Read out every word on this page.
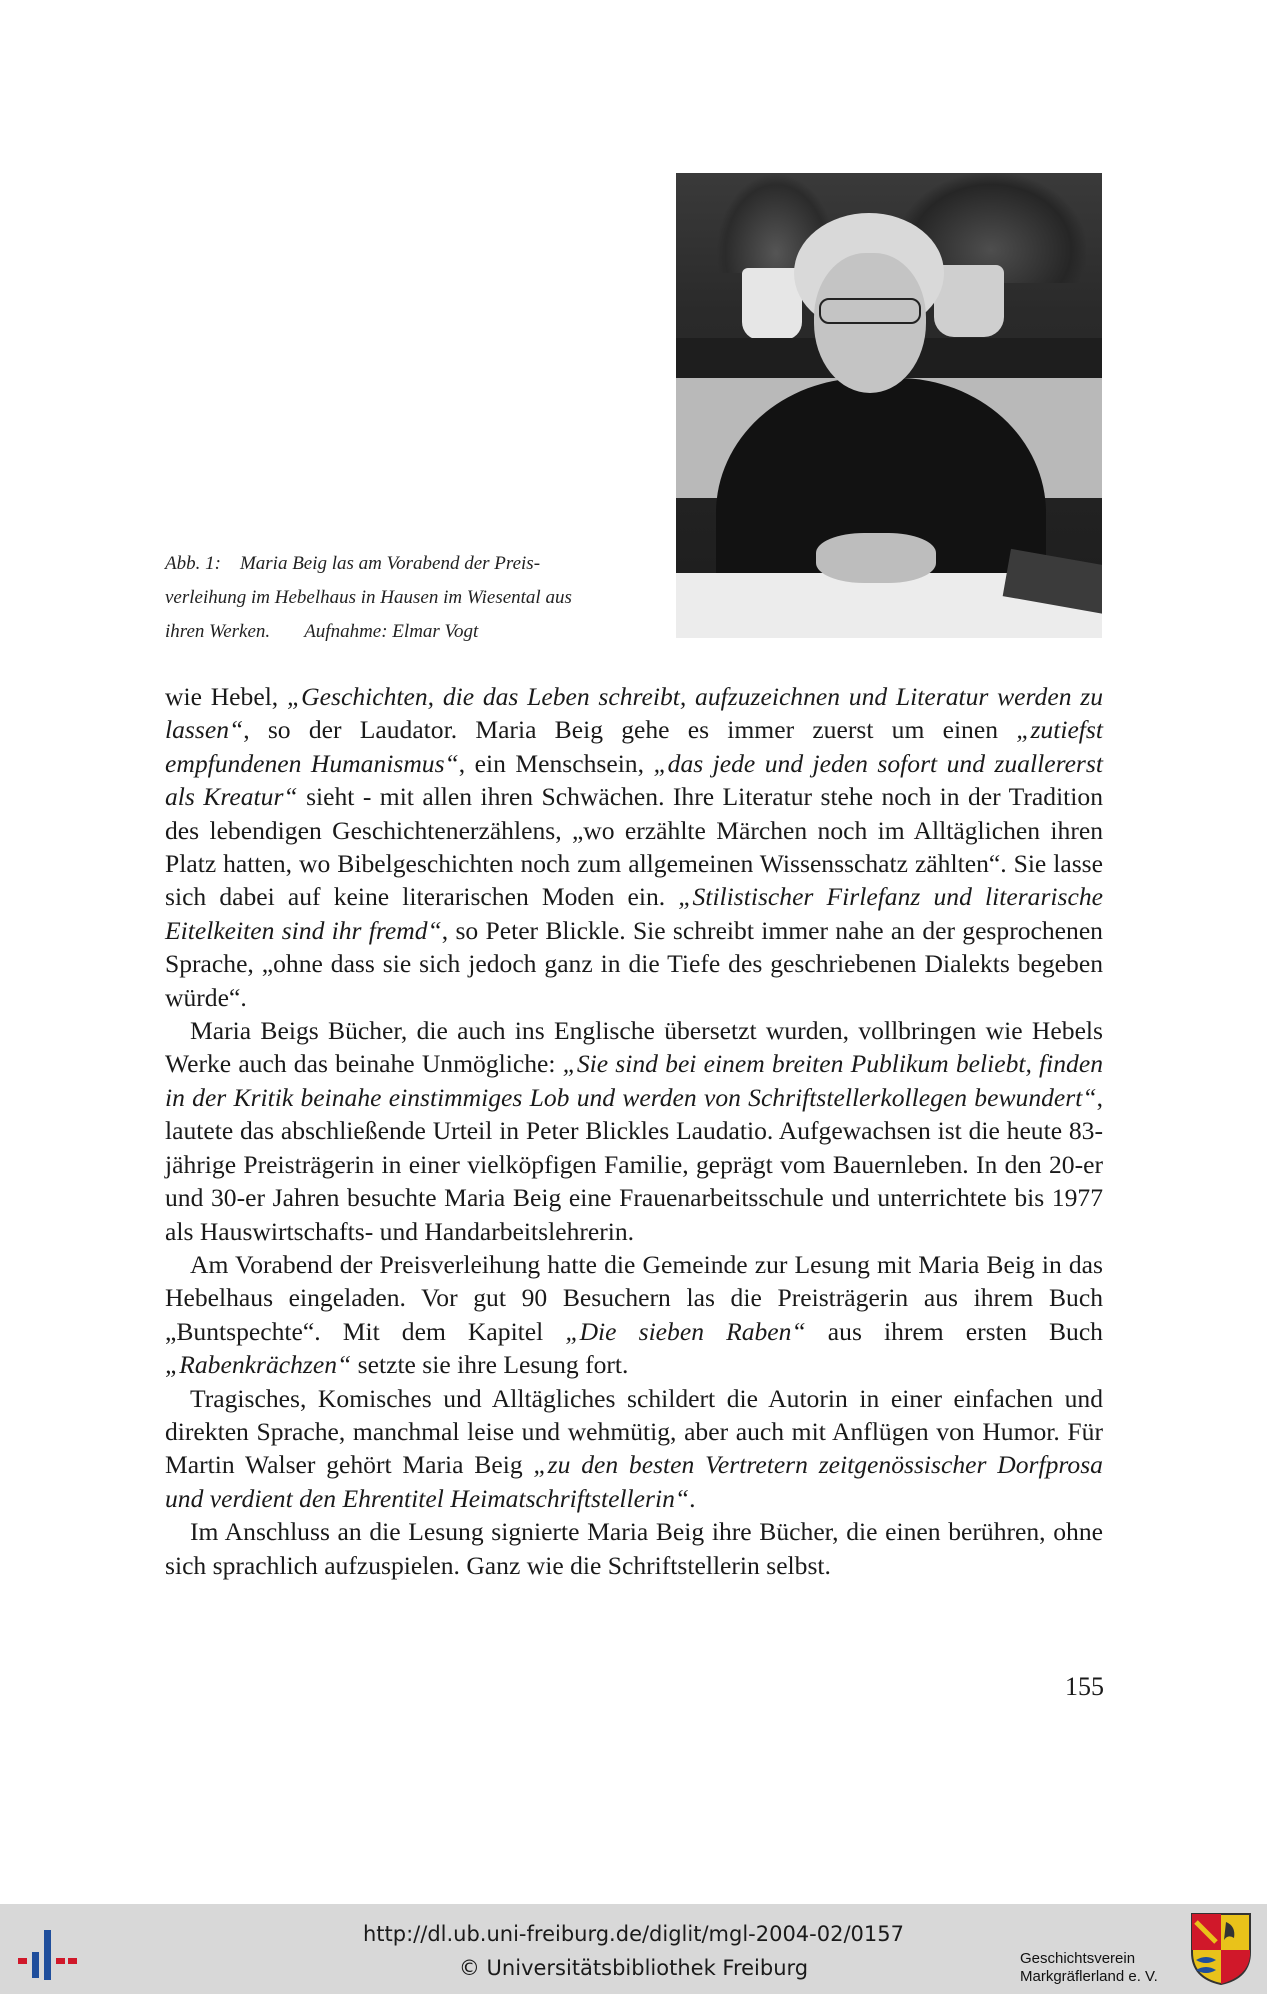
Abb. 1: Maria Beig las am Vorabend der Preis-
verleihung im Hebelhaus in Hausen im Wiesental aus
ihren Werken. Aufnahme: Elmar Vogt

wie Hebel, „Geschichten, die das Leben schreibt, aufzuzeichnen und Literatur werden zu lassen“, so der Laudator. Maria Beig gehe es immer zuerst um einen „zutiefst empfundenen Humanismus“, ein Menschsein, „das jede und jeden sofort und zuallererst als Kreatur“ sieht - mit allen ihren Schwächen. Ihre Literatur stehe noch in der Tradition des lebendigen Geschichtenerzählens, „wo erzählte Märchen noch im Alltäglichen ihren Platz hatten, wo Bibelgeschichten noch zum allgemeinen Wissensschatz zählten“. Sie lasse sich dabei auf keine literarischen Moden ein. „Stilistischer Firlefanz und literarische Eitelkeiten sind ihr fremd“, so Peter Blickle. Sie schreibt immer nahe an der gesprochenen Sprache, „ohne dass sie sich jedoch ganz in die Tiefe des geschriebenen Dialekts begeben würde“.

Maria Beigs Bücher, die auch ins Englische übersetzt wurden, vollbringen wie Hebels Werke auch das beinahe Unmögliche: „Sie sind bei einem breiten Publikum beliebt, finden in der Kritik beinahe einstimmiges Lob und werden von Schriftstellerkollegen bewundert“, lautete das abschließende Urteil in Peter Blickles Laudatio. Aufgewachsen ist die heute 83-jährige Preisträgerin in einer vielköpfigen Familie, geprägt vom Bauernleben. In den 20-er und 30-er Jahren besuchte Maria Beig eine Frauenarbeitsschule und unterrichtete bis 1977 als Hauswirtschafts- und Handarbeitslehrerin.

Am Vorabend der Preisverleihung hatte die Gemeinde zur Lesung mit Maria Beig in das Hebelhaus eingeladen. Vor gut 90 Besuchern las die Preisträgerin aus ihrem Buch „Buntspechte“. Mit dem Kapitel „Die sieben Raben“ aus ihrem ersten Buch „Rabenkrächzen“ setzte sie ihre Lesung fort.

Tragisches, Komisches und Alltägliches schildert die Autorin in einer einfachen und direkten Sprache, manchmal leise und wehmütig, aber auch mit Anflügen von Humor. Für Martin Walser gehört Maria Beig „zu den besten Vertretern zeitgenössischer Dorfprosa und verdient den Ehrentitel Heimatschriftstellerin“.

Im Anschluss an die Lesung signierte Maria Beig ihre Bücher, die einen berühren, ohne sich sprachlich aufzuspielen. Ganz wie die Schriftstellerin selbst.

155
http://dl.ub.uni-freiburg.de/diglit/mgl-2004-02/0157
© Universitätsbibliothek Freiburg	Geschichtsverein
Markgräflerland e. V.
